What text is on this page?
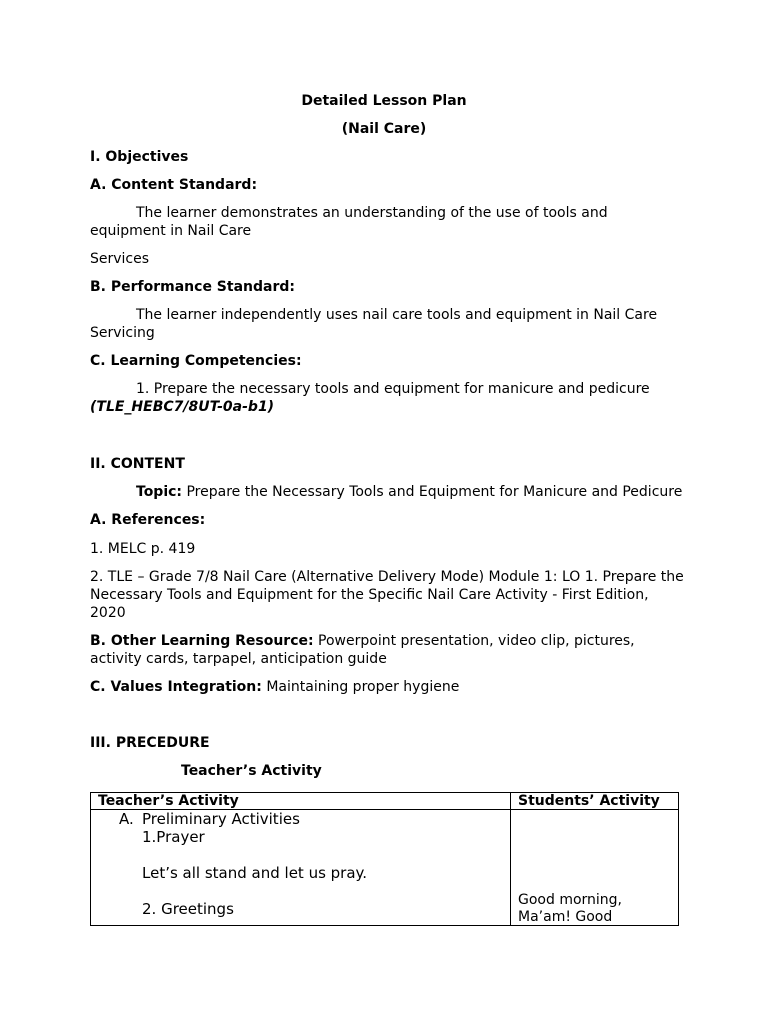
Detailed Lesson Plan
(Nail Care)
I. Objectives
A. Content Standard:
The learner demonstrates an understanding of the use of tools and
equipment in Nail Care
Services
B. Performance Standard:
The learner independently uses nail care tools and equipment in Nail Care
Servicing
C. Learning Competencies:
1. Prepare the necessary tools and equipment for manicure and pedicure
(TLE_HEBC7/8UT-0a-b1)
II. CONTENT
Topic: Prepare the Necessary Tools and Equipment for Manicure and Pedicure
A. References:
1. MELC p. 419
2. TLE – Grade 7/8 Nail Care (Alternative Delivery Mode) Module 1: LO 1. Prepare the
Necessary Tools and Equipment for the Specific Nail Care Activity - First Edition,
2020
B. Other Learning Resource: Powerpoint presentation, video clip, pictures,
activity cards, tarpapel, anticipation guide
C. Values Integration: Maintaining proper hygiene
III. PRECEDURE
Teacher’s Activity
Teacher’s Activity	Students’ Activity

A. Preliminary Activities
1.Prayer
Let’s all stand and let us pray.
2. Greetings	Good morning,
Ma’am! Good
